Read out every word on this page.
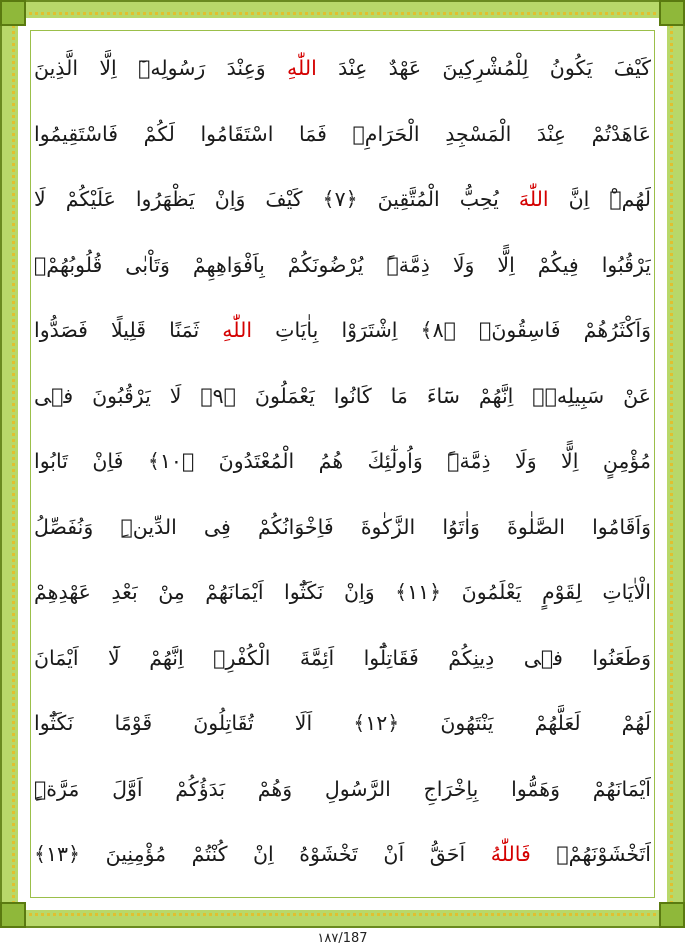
كَيْفَ يَكُونُ لِلْمُشْرِكِينَ عَهْدٌ عِنْدَ اللّٰهِ وَعِنْدَ رَسُولِهٖٓ اِلَّا الَّذِينَ
عَاهَدْتُمْ عِنْدَ الْمَسْجِدِ الْحَرَامِۚ فَمَا اسْتَقَامُوا لَكُمْ فَاسْتَقِيمُوا
لَهُمْۜ اِنَّ اللّٰهَ يُحِبُّ الْمُتَّقِينَ ﴿٧﴾ كَيْفَ وَاِنْ يَظْهَرُوا عَلَيْكُمْ لَا
يَرْقُبُوا فِيكُمْ اِلًّا وَلَا ذِمَّةًۜ يُرْضُونَكُمْ بِاَفْوَاهِهِمْ وَتَاْبٰى قُلُوبُهُمْۚ
وَاَكْثَرُهُمْ فَاسِقُونَۚ ﴿٨﴾ اِشْتَرَوْا بِاٰيَاتِ اللّٰهِ ثَمَنًا قَلِيلًا فَصَدُّوا
عَنْ سَبِيلِهٖۜ اِنَّهُمْ سَٓاءَ مَا كَانُوا يَعْمَلُونَ ﴿٩﴾ لَا يَرْقُبُونَ فٖى
مُؤْمِنٍ اِلًّا وَلَا ذِمَّةًۜ وَاُولٰٓئِكَ هُمُ الْمُعْتَدُونَ ﴿١٠﴾ فَاِنْ تَابُوا
وَاَقَامُوا الصَّلٰوةَ وَاٰتَوُا الزَّكٰوةَ فَاِخْوَانُكُمْ فِى الدِّينِۜ وَنُفَصِّلُ
الْاٰيَاتِ لِقَوْمٍ يَعْلَمُونَ ﴿١١﴾ وَاِنْ نَكَثُٓوا اَيْمَانَهُمْ مِنْ بَعْدِ عَهْدِهِمْ
وَطَعَنُوا فٖى دِينِكُمْ فَقَاتِلُٓوا اَئِمَّةَ الْكُفْرِۙ اِنَّهُمْ لَٓا اَيْمَانَ
لَهُمْ لَعَلَّهُمْ يَنْتَهُونَ ﴿١٢﴾ اَلَا تُقَاتِلُونَ قَوْمًا نَكَثُٓوا
اَيْمَانَهُمْ وَهَمُّوا بِاِخْرَاجِ الرَّسُولِ وَهُمْ بَدَؤُكُمْ اَوَّلَ مَرَّةٍۜ
اَتَخْشَوْنَهُمْۚ فَاللّٰهُ اَحَقُّ اَنْ تَخْشَوْهُ اِنْ كُنْتُمْ مُؤْمِنِينَ ﴿١٣﴾
١٨٧/187
